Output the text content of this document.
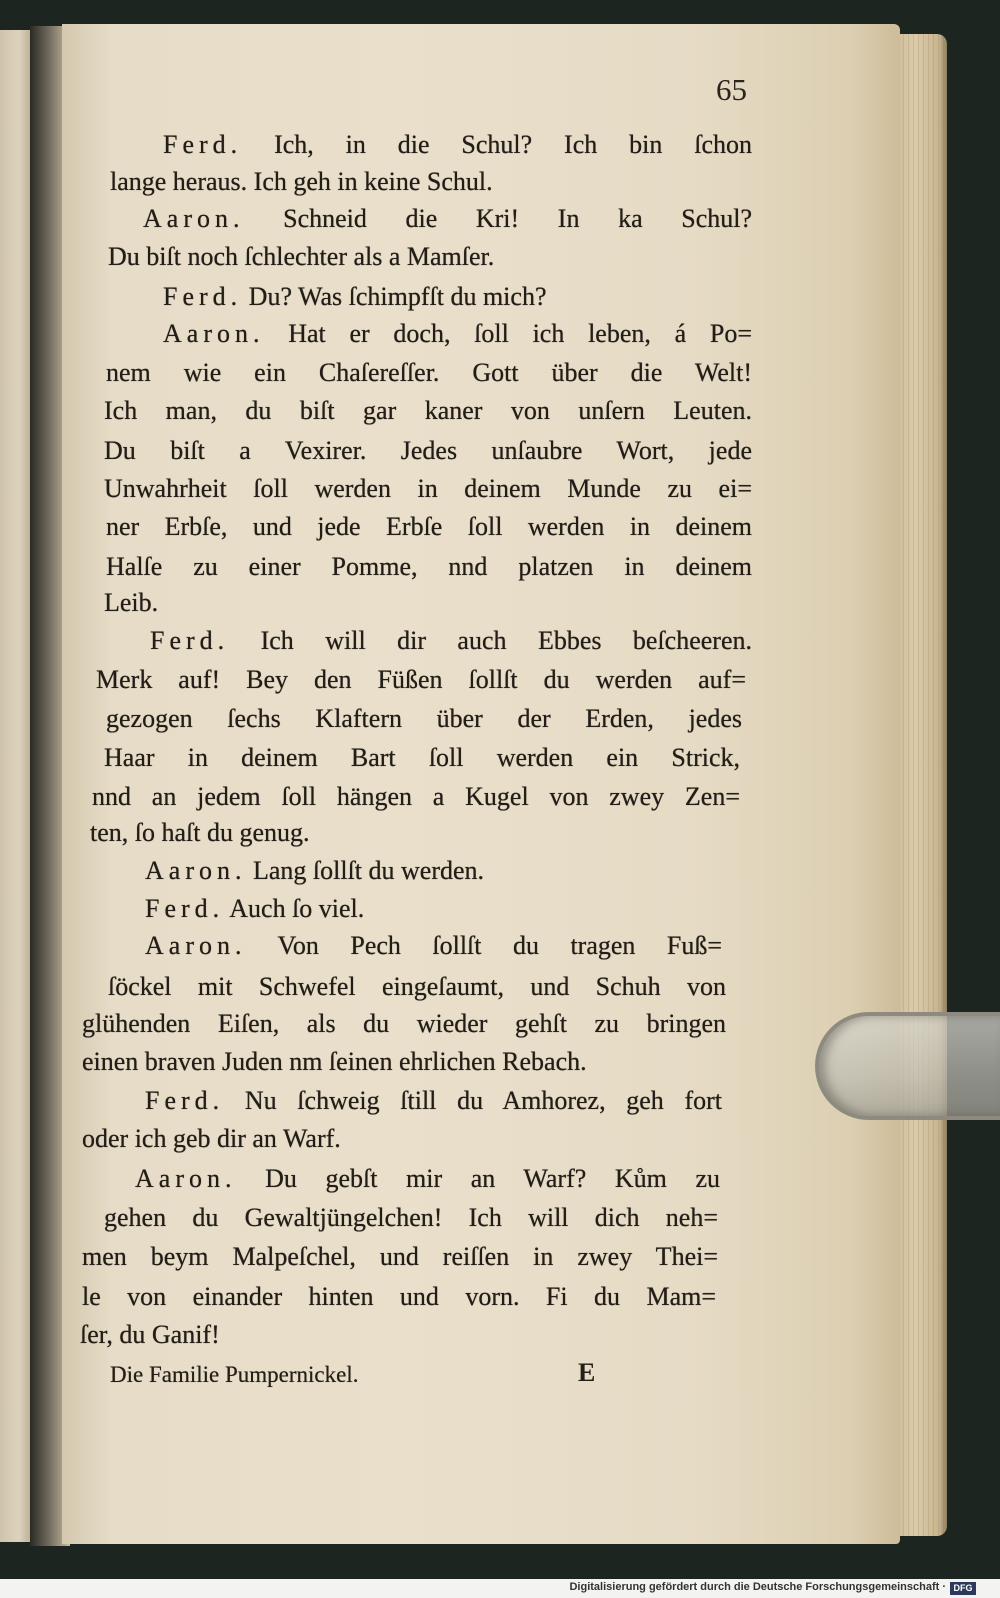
65
Ferd. Ich, in die Schul? Ich bin ſchon
lange heraus. Ich geh in keine Schul.
Aaron. Schneid die Kri! In ka Schul?
Du biſt noch ſchlechter als a Mamſer.
Ferd. Du? Was ſchimpfſt du mich?
Aaron. Hat er doch, ſoll ich leben, á Po=
nem wie ein Chaſereſſer. Gott über die Welt!
Ich man, du biſt gar kaner von unſern Leuten.
Du biſt a Vexirer. Jedes unſaubre Wort, jede
Unwahrheit ſoll werden in deinem Munde zu ei=
ner Erbſe, und jede Erbſe ſoll werden in deinem
Halſe zu einer Pomme, nnd platzen in deinem
Leib.
Ferd. Ich will dir auch Ebbes beſcheeren.
Merk auf! Bey den Füßen ſollſt du werden auf=
gezogen ſechs Klaftern über der Erden, jedes
Haar in deinem Bart ſoll werden ein Strick,
nnd an jedem ſoll hängen a Kugel von zwey Zen=
ten, ſo haſt du genug.
Aaron. Lang ſollſt du werden.
Ferd. Auch ſo viel.
Aaron. Von Pech ſollſt du tragen Fuß=
ſöckel mit Schwefel eingeſaumt, und Schuh von
glühenden Eiſen, als du wieder gehſt zu bringen
einen braven Juden nm ſeinen ehrlichen Rebach.
Ferd. Nu ſchweig ſtill du Amhorez, geh fort
oder ich geb dir an Warf.
Aaron. Du gebſt mir an Warf? Kům zu
gehen du Gewaltjüngelchen! Ich will dich neh=
men beym Malpeſchel, und reiſſen in zwey Thei=
le von einander hinten und vorn. Fi du Mam=
ſer, du Ganif!
Die Familie Pumpernickel.	E
Digitalisierung gefördert durch die Deutsche Forschungsgemeinschaft · DFG
